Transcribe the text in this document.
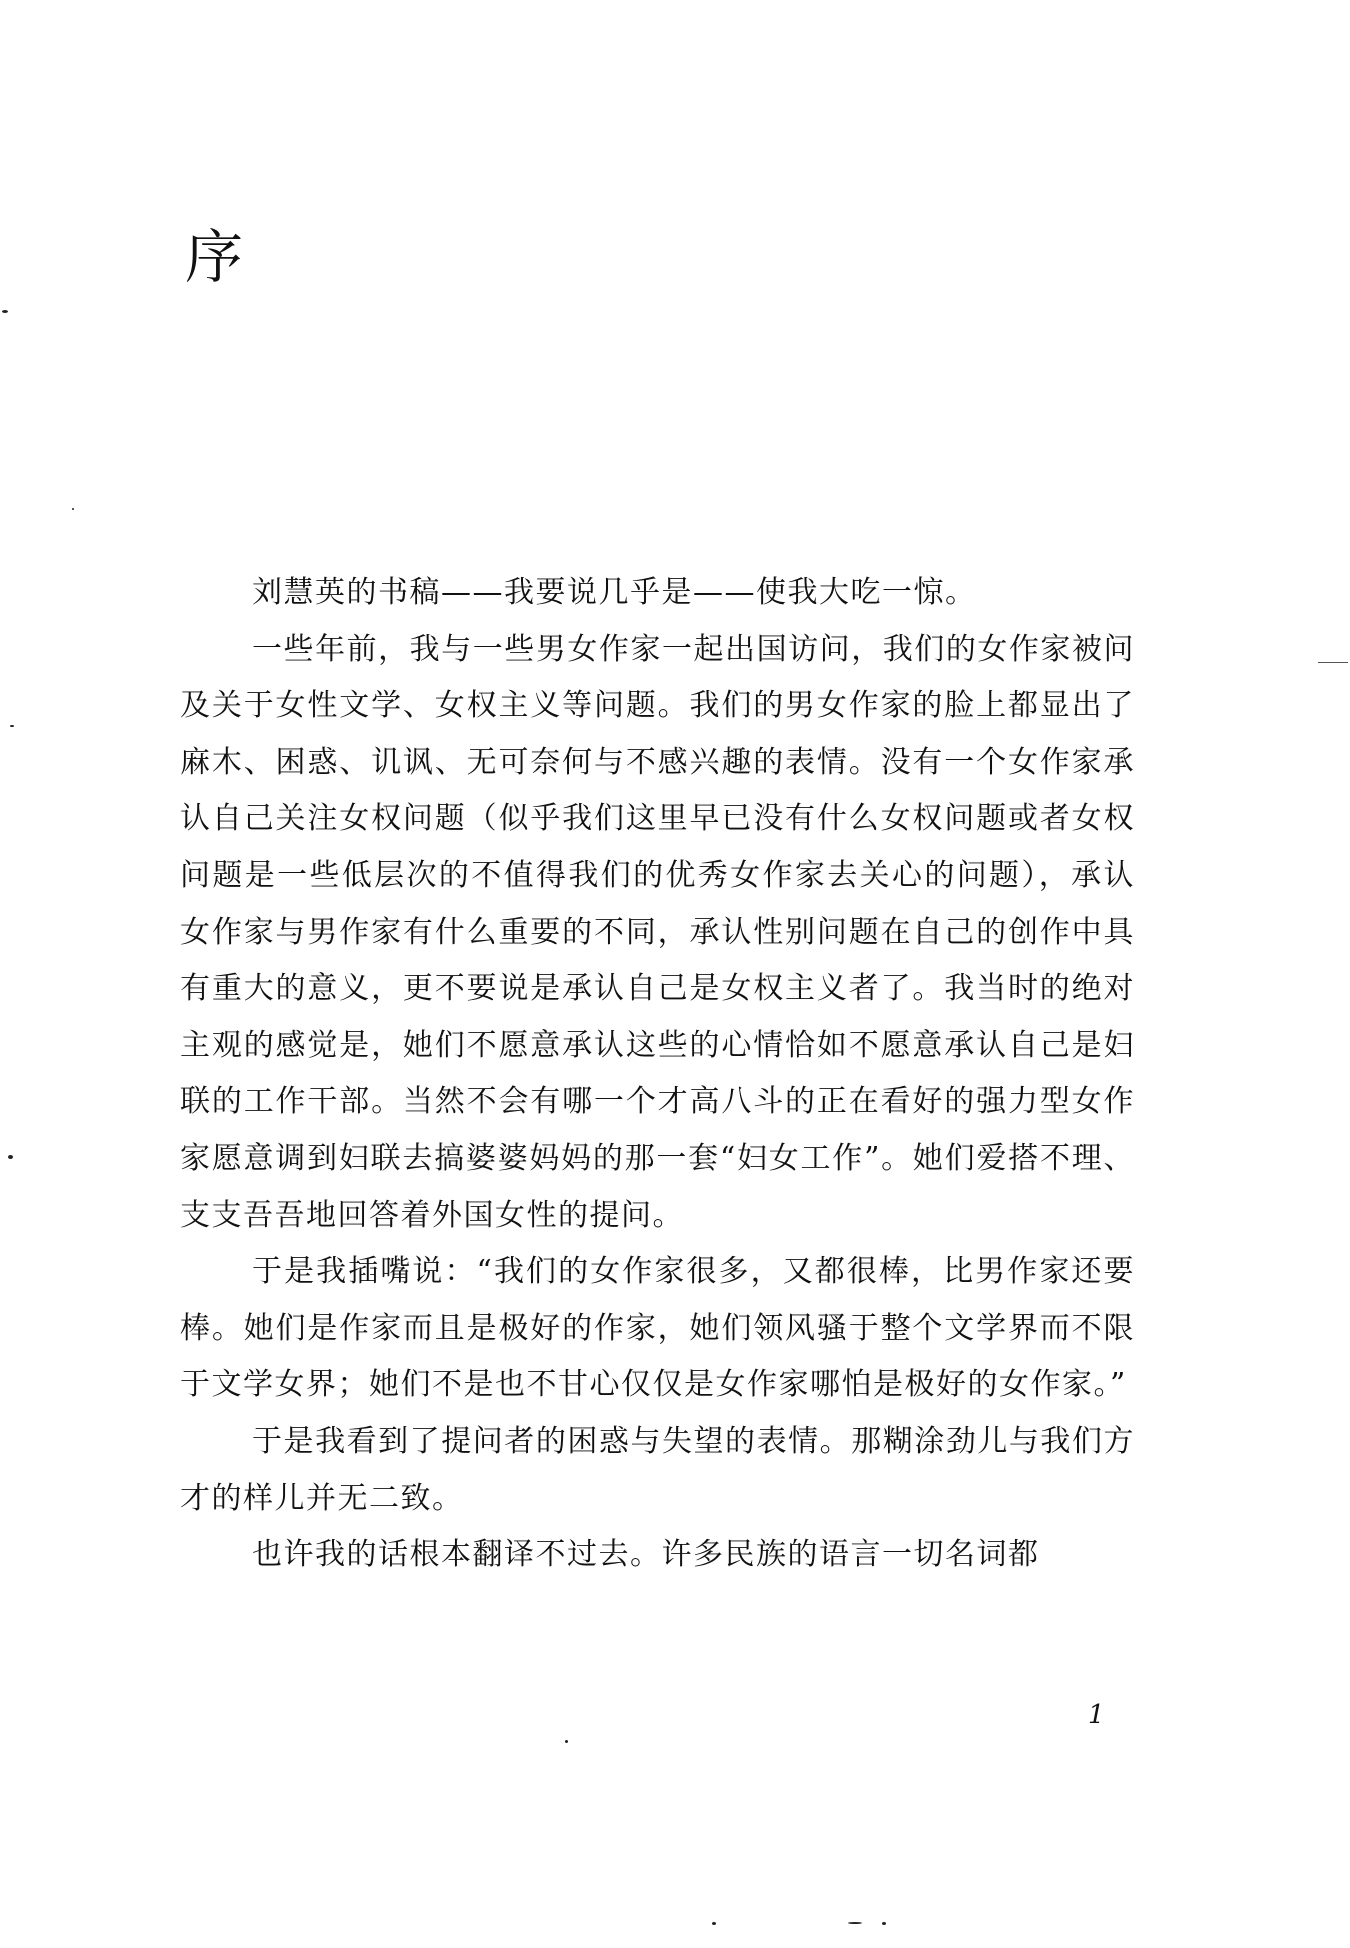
序

刘慧英的书稿——我要说几乎是——使我大吃一惊。

一些年前，我与一些男女作家一起出国访问，我们的女作家被问及关于女性文学、女权主义等问题。我们的男女作家的脸上都显出了麻木、困惑、讥讽、无可奈何与不感兴趣的表情。没有一个女作家承认自己关注女权问题（似乎我们这里早已没有什么女权问题或者女权问题是一些低层次的不值得我们的优秀女作家去关心的问题），承认女作家与男作家有什么重要的不同，承认性别问题在自己的创作中具有重大的意义，更不要说是承认自己是女权主义者了。我当时的绝对主观的感觉是，她们不愿意承认这些的心情恰如不愿意承认自己是妇联的工作干部。当然不会有哪一个才高八斗的正在看好的强力型女作家愿意调到妇联去搞婆婆妈妈的那一套“妇女工作”。她们爱搭不理、支支吾吾地回答着外国女性的提问。

于是我插嘴说：“我们的女作家很多，又都很棒，比男作家还要棒。她们是作家而且是极好的作家，她们领风骚于整个文学界而不限于文学女界；她们不是也不甘心仅仅是女作家哪怕是极好的女作家。”

于是我看到了提问者的困惑与失望的表情。那糊涂劲儿与我们方才的样儿并无二致。

也许我的话根本翻译不过去。许多民族的语言一切名词都

1
